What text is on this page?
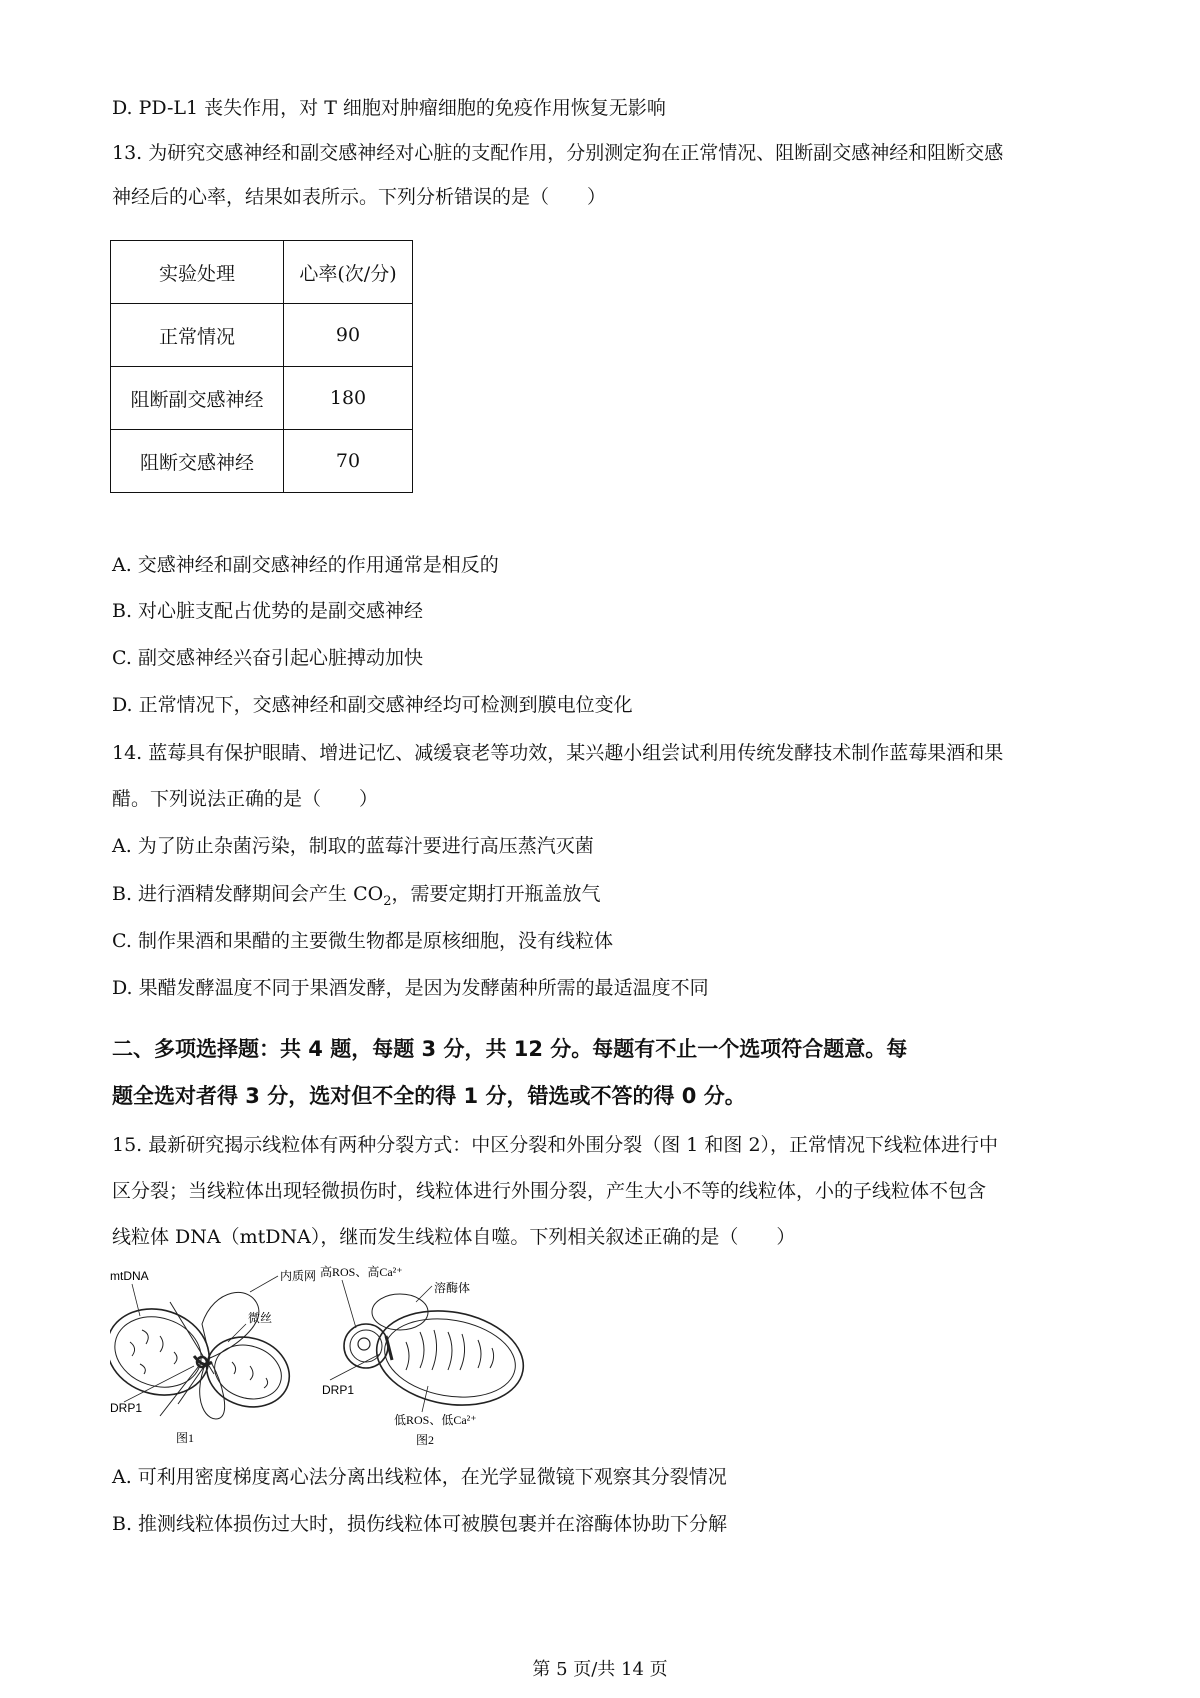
D. PD-L1 丧失作用，对 T 细胞对肿瘤细胞的免疫作用恢复无影响
13. 为研究交感神经和副交感神经对心脏的支配作用，分别测定狗在正常情况、阻断副交感神经和阻断交感
神经后的心率，结果如表所示。下列分析错误的是（　　）
实验处理	心率(次/分)
正常情况	90
阻断副交感神经	180
阻断交感神经	70
A. 交感神经和副交感神经的作用通常是相反的
B. 对心脏支配占优势的是副交感神经
C. 副交感神经兴奋引起心脏搏动加快
D. 正常情况下，交感神经和副交感神经均可检测到膜电位变化
14. 蓝莓具有保护眼睛、增进记忆、减缓衰老等功效，某兴趣小组尝试利用传统发酵技术制作蓝莓果酒和果
醋。下列说法正确的是（　　）
A. 为了防止杂菌污染，制取的蓝莓汁要进行高压蒸汽灭菌
B. 进行酒精发酵期间会产生 $CO_2$，需要定期打开瓶盖放气
C. 制作果酒和果醋的主要微生物都是原核细胞，没有线粒体
D. 果醋发酵温度不同于果酒发酵，是因为发酵菌种所需的最适温度不同
二、多项选择题：共 4 题，每题 3 分，共 12 分。每题有不止一个选项符合题意。每
题全选对者得 3 分，选对但不全的得 1 分，错选或不答的得 0 分。
15. 最新研究揭示线粒体有两种分裂方式：中区分裂和外围分裂（图 1 和图 2），正常情况下线粒体进行中
区分裂；当线粒体出现轻微损伤时，线粒体进行外围分裂，产生大小不等的线粒体，小的子线粒体不包含
线粒体 DNA（mtDNA），继而发生线粒体自噬。下列相关叙述正确的是（　　）
mtDNA	内质网
微丝
DRP1
图1
高ROS、高Ca²⁺
溶酶体
DRP1
低ROS、低Ca²⁺
图2
A. 可利用密度梯度离心法分离出线粒体，在光学显微镜下观察其分裂情况
B. 推测线粒体损伤过大时，损伤线粒体可被膜包裹并在溶酶体协助下分解
第 5 页/共 14 页
